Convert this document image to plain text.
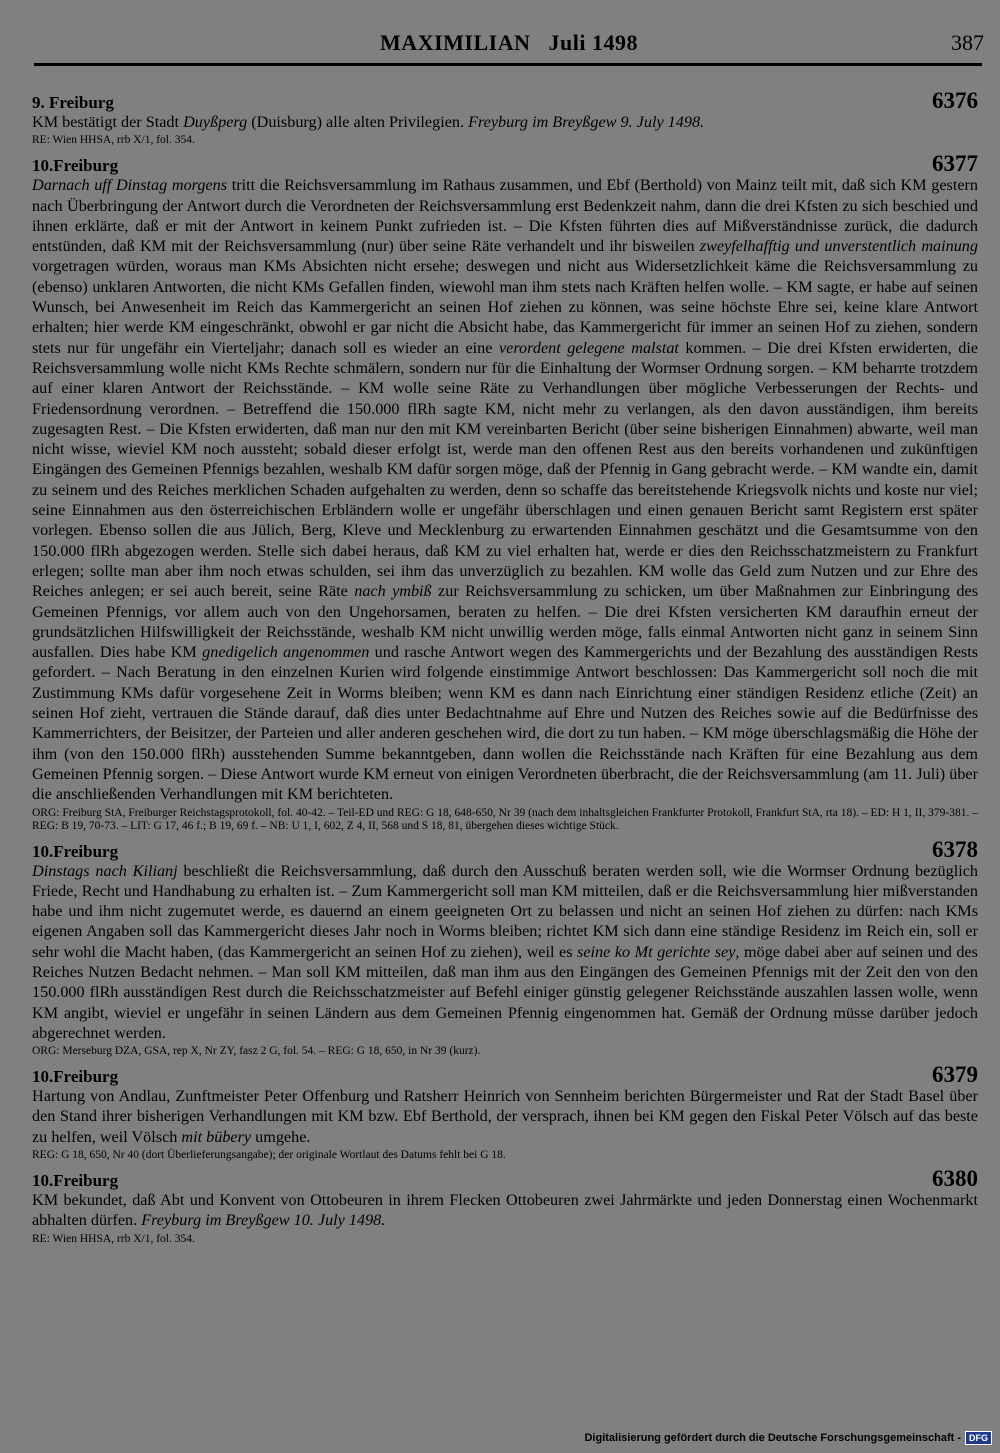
MAXIMILIAN   Juli 1498	387
9. Freiburg	6376

KM bestätigt der Stadt Duyßperg (Duisburg) alle alten Privilegien. Freyburg im Breyßgew 9. July 1498.

RE: Wien HHSA, rrb X/1, fol. 354.
10.Freiburg	6377

Darnach uff Dinstag morgens tritt die Reichsversammlung im Rathaus zusammen, und Ebf (Berthold) von Mainz teilt mit, daß sich KM gestern nach Überbringung der Antwort durch die Verordneten der Reichsversammlung erst Bedenkzeit nahm, dann die drei Kfsten zu sich beschied und ihnen erklärte, daß er mit der Antwort in keinem Punkt zufrieden ist. – Die Kfsten führten dies auf Mißverständnisse zurück, die dadurch entstünden, daß KM mit der Reichsversammlung (nur) über seine Räte verhandelt und ihr bisweilen zweyfelhafftig und unverstentlich mainung vorgetragen würden, woraus man KMs Absichten nicht ersehe; deswegen und nicht aus Widersetzlichkeit käme die Reichsversammlung zu (ebenso) unklaren Antworten, die nicht KMs Gefallen finden, wiewohl man ihm stets nach Kräften helfen wolle. – KM sagte, er habe auf seinen Wunsch, bei Anwesenheit im Reich das Kammergericht an seinen Hof ziehen zu können, was seine höchste Ehre sei, keine klare Antwort erhalten; hier werde KM eingeschränkt, obwohl er gar nicht die Absicht habe, das Kammergericht für immer an seinen Hof zu ziehen, sondern stets nur für ungefähr ein Vierteljahr; danach soll es wieder an eine verordent gelegene malstat kommen. – Die drei Kfsten erwiderten, die Reichsversammlung wolle nicht KMs Rechte schmälern, sondern nur für die Einhaltung der Wormser Ordnung sorgen. – KM beharrte trotzdem auf einer klaren Antwort der Reichsstände. – KM wolle seine Räte zu Verhandlungen über mögliche Verbesserungen der Rechts- und Friedensordnung verordnen. – Betreffend die 150.000 flRh sagte KM, nicht mehr zu verlangen, als den davon ausständigen, ihm bereits zugesagten Rest. – Die Kfsten erwiderten, daß man nur den mit KM vereinbarten Bericht (über seine bisherigen Einnahmen) abwarte, weil man nicht wisse, wieviel KM noch aussteht; sobald dieser erfolgt ist, werde man den offenen Rest aus den bereits vorhandenen und zukünftigen Eingängen des Gemeinen Pfennigs bezahlen, weshalb KM dafür sorgen möge, daß der Pfennig in Gang gebracht werde. – KM wandte ein, damit zu seinem und des Reiches merklichen Schaden aufgehalten zu werden, denn so schaffe das bereitstehende Kriegsvolk nichts und koste nur viel; seine Einnahmen aus den österreichischen Erbländern wolle er ungefähr überschlagen und einen genauen Bericht samt Registern erst später vorlegen. Ebenso sollen die aus Jülich, Berg, Kleve und Mecklenburg zu erwartenden Einnahmen geschätzt und die Gesamtsumme von den 150.000 flRh abgezogen werden. Stelle sich dabei heraus, daß KM zu viel erhalten hat, werde er dies den Reichsschatzmeistern zu Frankfurt erlegen; sollte man aber ihm noch etwas schulden, sei ihm das unverzüglich zu bezahlen. KM wolle das Geld zum Nutzen und zur Ehre des Reiches anlegen; er sei auch bereit, seine Räte nach ymbiß zur Reichsversammlung zu schicken, um über Maßnahmen zur Einbringung des Gemeinen Pfennigs, vor allem auch von den Ungehorsamen, beraten zu helfen. – Die drei Kfsten versicherten KM daraufhin erneut der grundsätzlichen Hilfswilligkeit der Reichsstände, weshalb KM nicht unwillig werden möge, falls einmal Antworten nicht ganz in seinem Sinn ausfallen. Dies habe KM gnedigelich angenommen und rasche Antwort wegen des Kammergerichts und der Bezahlung des ausständigen Rests gefordert. – Nach Beratung in den einzelnen Kurien wird folgende einstimmige Antwort beschlossen: Das Kammergericht soll noch die mit Zustimmung KMs dafür vorgesehene Zeit in Worms bleiben; wenn KM es dann nach Einrichtung einer ständigen Residenz etliche (Zeit) an seinen Hof zieht, vertrauen die Stände darauf, daß dies unter Bedachtnahme auf Ehre und Nutzen des Reiches sowie auf die Bedürfnisse des Kammerrichters, der Beisitzer, der Parteien und aller anderen geschehen wird, die dort zu tun haben. – KM möge überschlagsmäßig die Höhe der ihm (von den 150.000 flRh) ausstehenden Summe bekanntgeben, dann wollen die Reichsstände nach Kräften für eine Bezahlung aus dem Gemeinen Pfennig sorgen. – Diese Antwort wurde KM erneut von einigen Verordneten überbracht, die der Reichsversammlung (am 11. Juli) über die anschließenden Verhandlungen mit KM berichteten.

ORG: Freiburg StA, Freiburger Reichstagsprotokoll, fol. 40-42. – Teil-ED und REG: G 18, 648-650, Nr 39 (nach dem inhaltsgleichen Frankfurter Protokoll, Frankfurt StA, rta 18). – ED: H 1, II, 379-381. – REG: B 19, 70-73. – LIT: G 17, 46 f.; B 19, 69 f. – NB: U 1, I, 602, Z 4, II, 568 und S 18, 81, übergehen dieses wichtige Stück.
10.Freiburg	6378

Dinstags nach Kilianj beschließt die Reichsversammlung, daß durch den Ausschuß beraten werden soll, wie die Wormser Ordnung bezüglich Friede, Recht und Handhabung zu erhalten ist. – Zum Kammergericht soll man KM mitteilen, daß er die Reichsversammlung hier mißverstanden habe und ihm nicht zugemutet werde, es dauernd an einem geeigneten Ort zu belassen und nicht an seinen Hof ziehen zu dürfen: nach KMs eigenen Angaben soll das Kammergericht dieses Jahr noch in Worms bleiben; richtet KM sich dann eine ständige Residenz im Reich ein, soll er sehr wohl die Macht haben, (das Kammergericht an seinen Hof zu ziehen), weil es seine ko Mt gerichte sey, möge dabei aber auf seinen und des Reiches Nutzen Bedacht nehmen. – Man soll KM mitteilen, daß man ihm aus den Eingängen des Gemeinen Pfennigs mit der Zeit den von den 150.000 flRh ausständigen Rest durch die Reichsschatzmeister auf Befehl einiger günstig gelegener Reichsstände auszahlen lassen wolle, wenn KM angibt, wieviel er ungefähr in seinen Ländern aus dem Gemeinen Pfennig eingenommen hat. Gemäß der Ordnung müsse darüber jedoch abgerechnet werden.

ORG: Merseburg DZA, GSA, rep X, Nr ZY, fasz 2 G, fol. 54. – REG: G 18, 650, in Nr 39 (kurz).
10.Freiburg	6379

Hartung von Andlau, Zunftmeister Peter Offenburg und Ratsherr Heinrich von Sennheim berichten Bürgermeister und Rat der Stadt Basel über den Stand ihrer bisherigen Verhandlungen mit KM bzw. Ebf Berthold, der versprach, ihnen bei KM gegen den Fiskal Peter Völsch auf das beste zu helfen, weil Völsch mit bübery umgehe.

REG: G 18, 650, Nr 40 (dort Überlieferungsangabe); der originale Wortlaut des Datums fehlt bei G 18.
10.Freiburg	6380

KM bekundet, daß Abt und Konvent von Ottobeuren in ihrem Flecken Ottobeuren zwei Jahrmärkte und jeden Donnerstag einen Wochenmarkt abhalten dürfen. Freyburg im Breyßgew 10. July 1498.

RE: Wien HHSA, rrb X/1, fol. 354.
Digitalisierung gefördert durch die Deutsche Forschungsgemeinschaft - DFG
